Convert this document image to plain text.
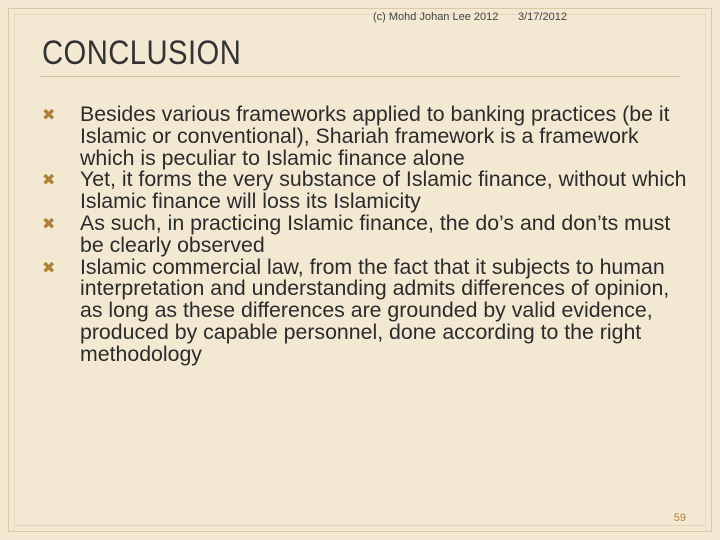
(c) Mohd Johan Lee 2012 3/17/2012
CONCLUSION
✖ Besides various frameworks applied to banking practices (be it Islamic or conventional), Shariah framework is a framework which is peculiar to Islamic finance alone
✖ Yet, it forms the very substance of Islamic finance, without which Islamic finance will loss its Islamicity
✖ As such, in practicing Islamic finance, the do’s and don’ts must be clearly observed
✖ Islamic commercial law, from the fact that it subjects to human interpretation and understanding admits differences of opinion, as long as these differences are grounded by valid evidence, produced by capable personnel, done according to the right methodology
59
